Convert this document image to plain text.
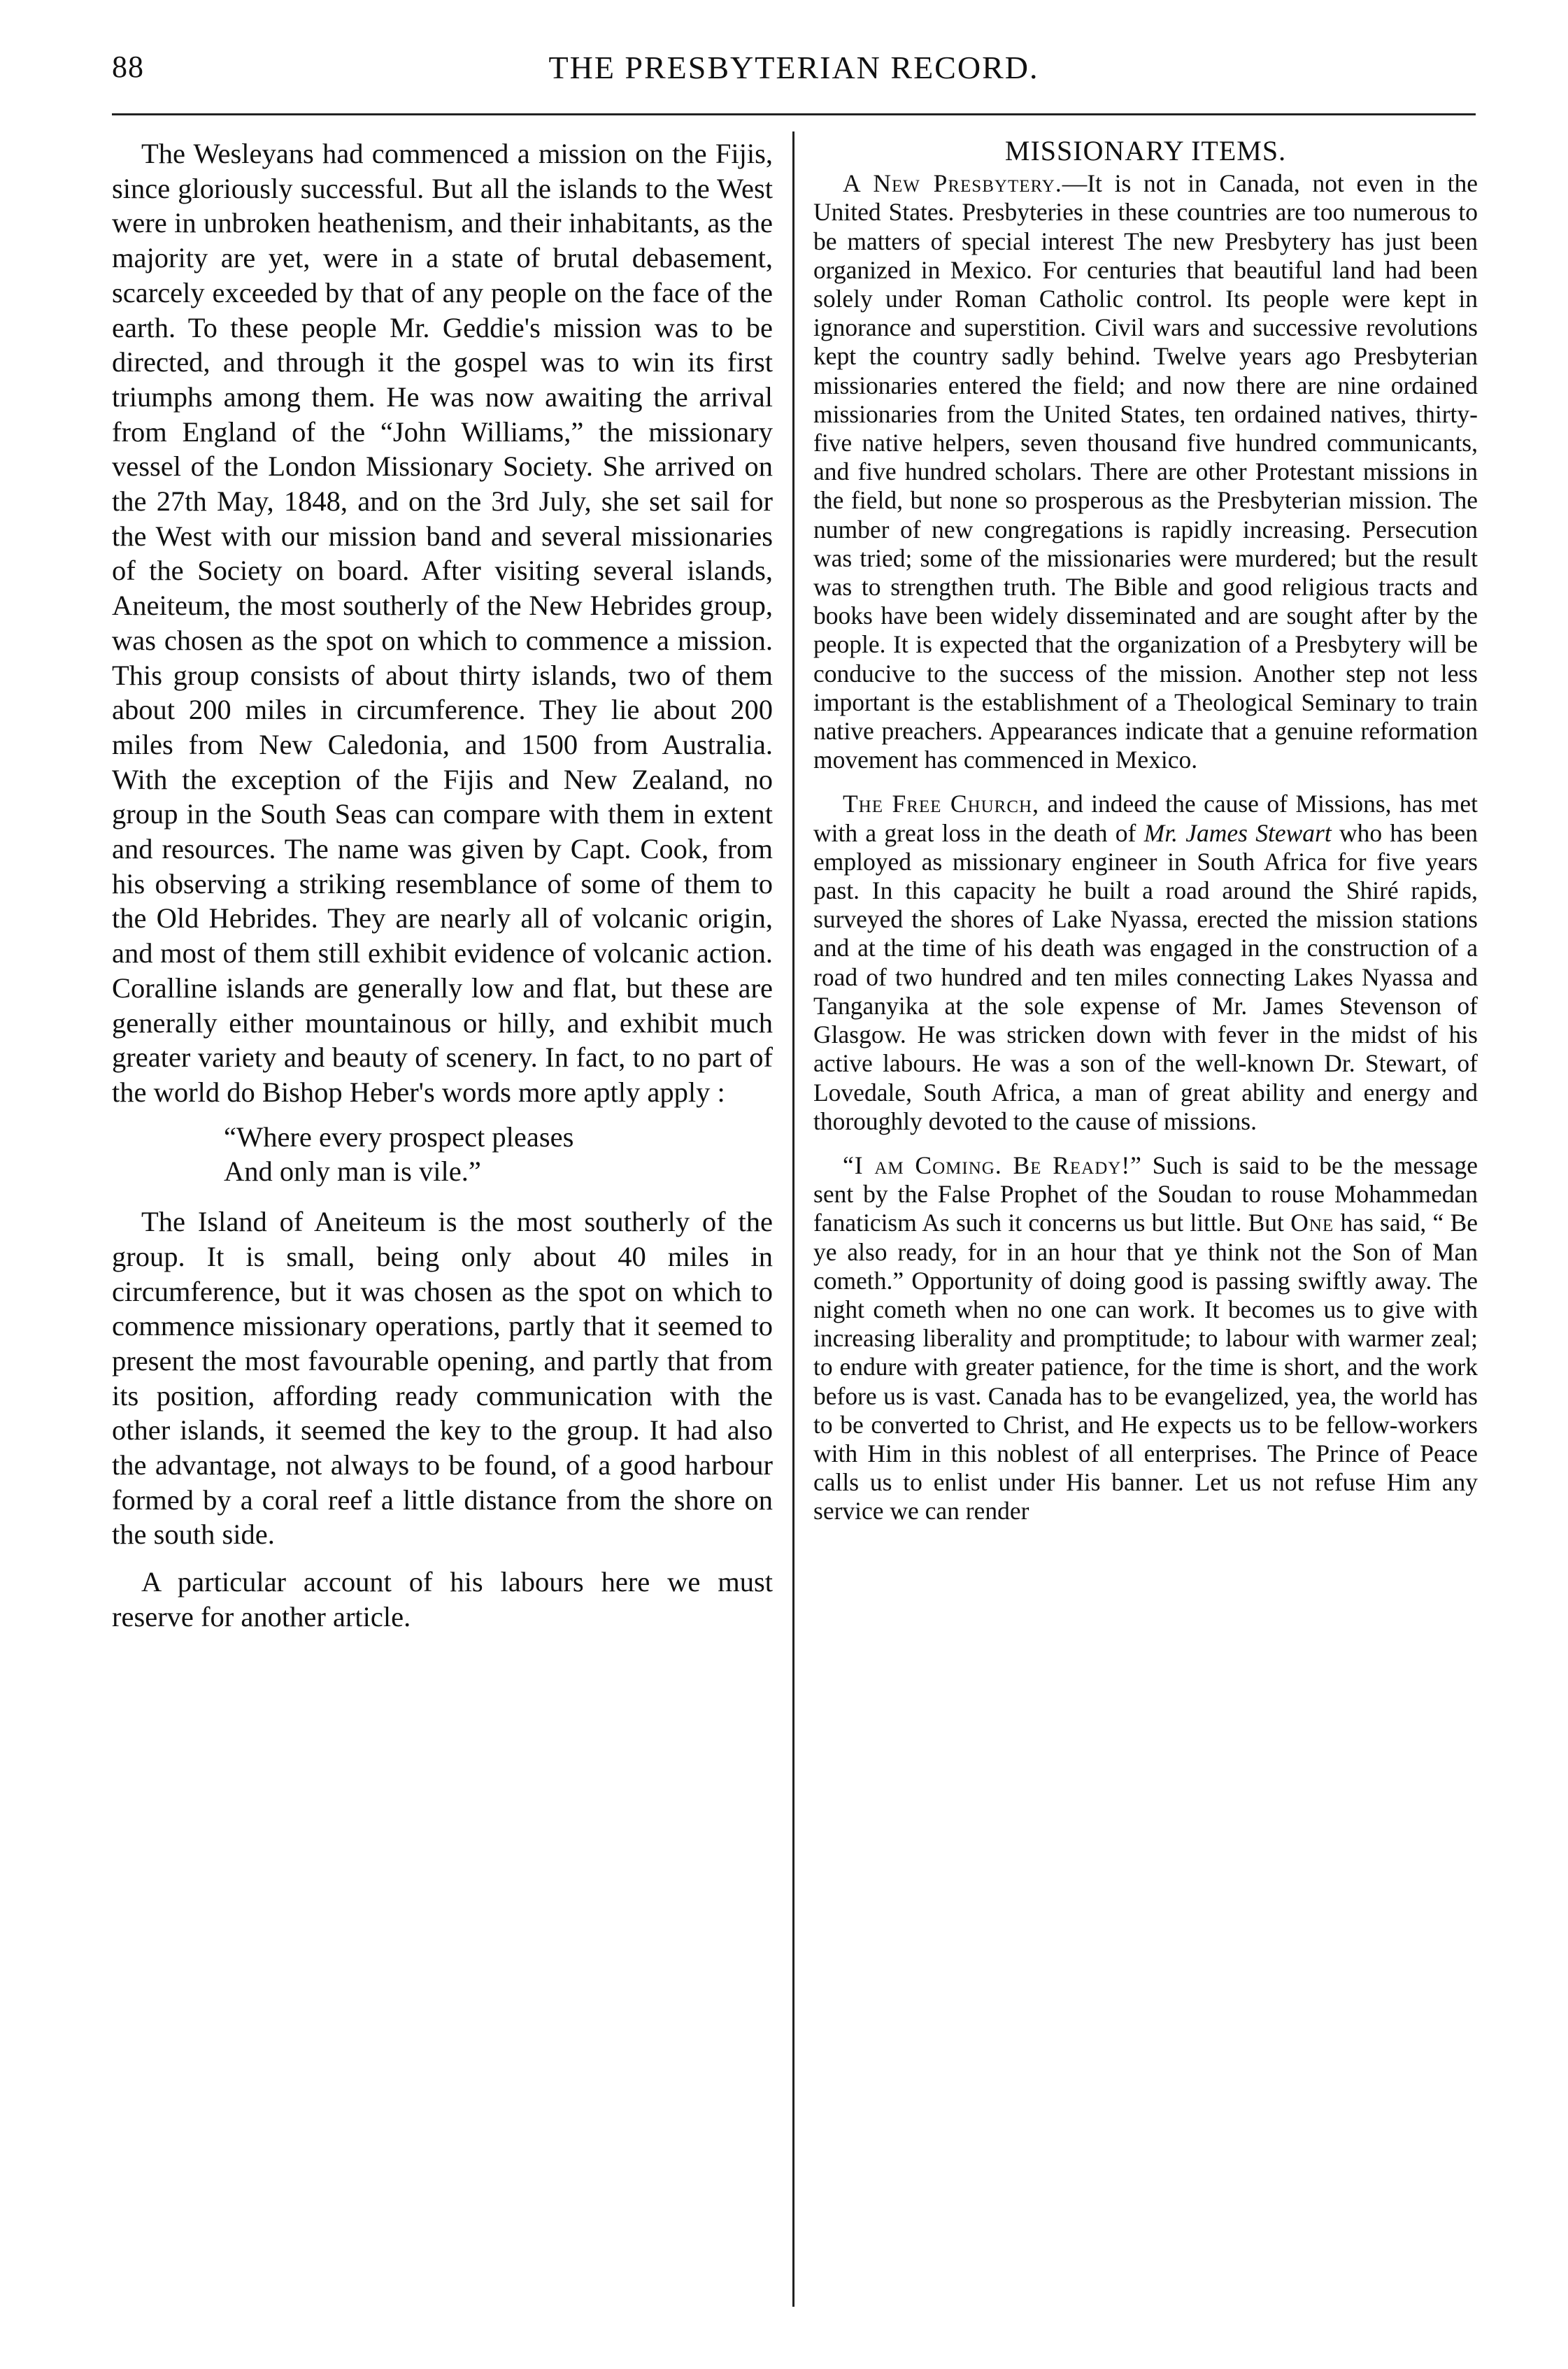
88	THE PRESBYTERIAN RECORD.

The Wesleyans had commenced a mission on the Fijis, since gloriously successful. But all the islands to the West were in unbroken heathenism, and their inhabitants, as the majority are yet, were in a state of brutal debasement, scarcely exceeded by that of any people on the face of the earth. To these people Mr. Geddie's mission was to be directed, and through it the gospel was to win its first triumphs among them. He was now awaiting the arrival from England of the “John Williams,” the missionary vessel of the London Missionary Society. She arrived on the 27th May, 1848, and on the 3rd July, she set sail for the West with our mission band and several missionaries of the Society on board. After visiting several islands, Aneiteum, the most southerly of the New Hebrides group, was chosen as the spot on which to commence a mission. This group consists of about thirty islands, two of them about 200 miles in circumference. They lie about 200 miles from New Caledonia, and 1500 from Australia. With the exception of the Fijis and New Zealand, no group in the South Seas can compare with them in extent and resources. The name was given by Capt. Cook, from his observing a striking resemblance of some of them to the Old Hebrides. They are nearly all of volcanic origin, and most of them still exhibit evidence of volcanic action. Coralline islands are generally low and flat, but these are generally either mountainous or hilly, and exhibit much greater variety and beauty of scenery. In fact, to no part of the world do Bishop Heber's words more aptly apply :

“Where every prospect pleases
And only man is vile.”

The Island of Aneiteum is the most southerly of the group. It is small, being only about 40 miles in circumference, but it was chosen as the spot on which to commence missionary operations, partly that it seemed to present the most favourable opening, and partly that from its position, affording ready communication with the other islands, it seemed the key to the group. It had also the advantage, not always to be found, of a good harbour formed by a coral reef a little distance from the shore on the south side.

A particular account of his labours here we must reserve for another article.

MISSIONARY ITEMS.

A New Presbytery.—It is not in Canada, not even in the United States. Presbyteries in these countries are too numerous to be matters of special interest The new Presbytery has just been organized in Mexico. For centuries that beautiful land had been solely under Roman Catholic control. Its people were kept in ignorance and superstition. Civil wars and successive revolutions kept the country sadly behind. Twelve years ago Presbyterian missionaries entered the field; and now there are nine ordained missionaries from the United States, ten ordained natives, thirty-five native helpers, seven thousand five hundred communicants, and five hundred scholars. There are other Protestant missions in the field, but none so prosperous as the Presbyterian mission. The number of new congregations is rapidly increasing. Persecution was tried; some of the missionaries were murdered; but the result was to strengthen truth. The Bible and good religious tracts and books have been widely disseminated and are sought after by the people. It is expected that the organization of a Presbytery will be conducive to the success of the mission. Another step not less important is the establishment of a Theological Seminary to train native preachers. Appearances indicate that a genuine reformation movement has commenced in Mexico.

The Free Church, and indeed the cause of Missions, has met with a great loss in the death of Mr. James Stewart who has been employed as missionary engineer in South Africa for five years past. In this capacity he built a road around the Shiré rapids, surveyed the shores of Lake Nyassa, erected the mission stations and at the time of his death was engaged in the construction of a road of two hundred and ten miles connecting Lakes Nyassa and Tanganyika at the sole expense of Mr. James Stevenson of Glasgow. He was stricken down with fever in the midst of his active labours. He was a son of the well-known Dr. Stewart, of Lovedale, South Africa, a man of great ability and energy and thoroughly devoted to the cause of missions.

“I am Coming. Be Ready!” Such is said to be the message sent by the False Prophet of the Soudan to rouse Mohammedan fanaticism As such it concerns us but little. But One has said, “ Be ye also ready, for in an hour that ye think not the Son of Man cometh.” Opportunity of doing good is passing swiftly away. The night cometh when no one can work. It becomes us to give with increasing liberality and promptitude; to labour with warmer zeal; to endure with greater patience, for the time is short, and the work before us is vast. Canada has to be evangelized, yea, the world has to be converted to Christ, and He expects us to be fellow-workers with Him in this noblest of all enterprises. The Prince of Peace calls us to enlist under His banner. Let us not refuse Him any service we can render
